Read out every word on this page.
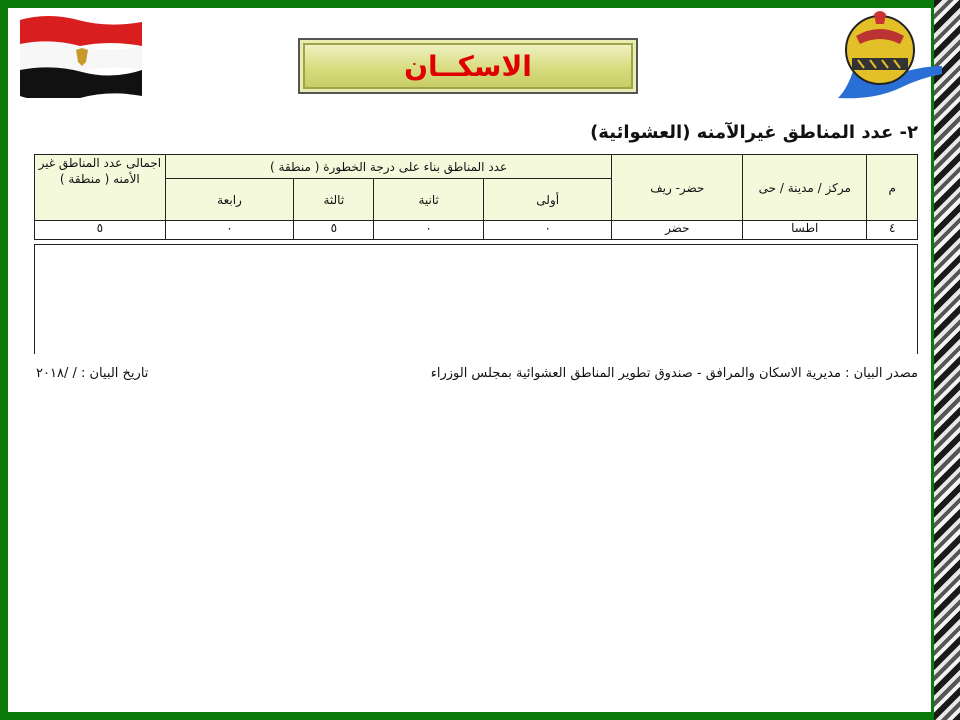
الاسكــان
٢- عدد المناطق غيرالآمنه (العشوائية)
م	مركز / مدينة / حى	حضر- ريف	عدد المناطق بناء على درجة الخطورة ( منطقة )				اجمالى عدد المناطق غير الأمنه ( منطقة )
			أولى	ثانية	ثالثة	رابعة	
٤	اطسا	حضر	٠	٠	٥	٠	٥
مصدر البيان : مديرية الاسكان والمرافق - صندوق تطوير المناطق العشوائية بمجلس الوزراء
تاريخ البيان : / /٢٠١٨
